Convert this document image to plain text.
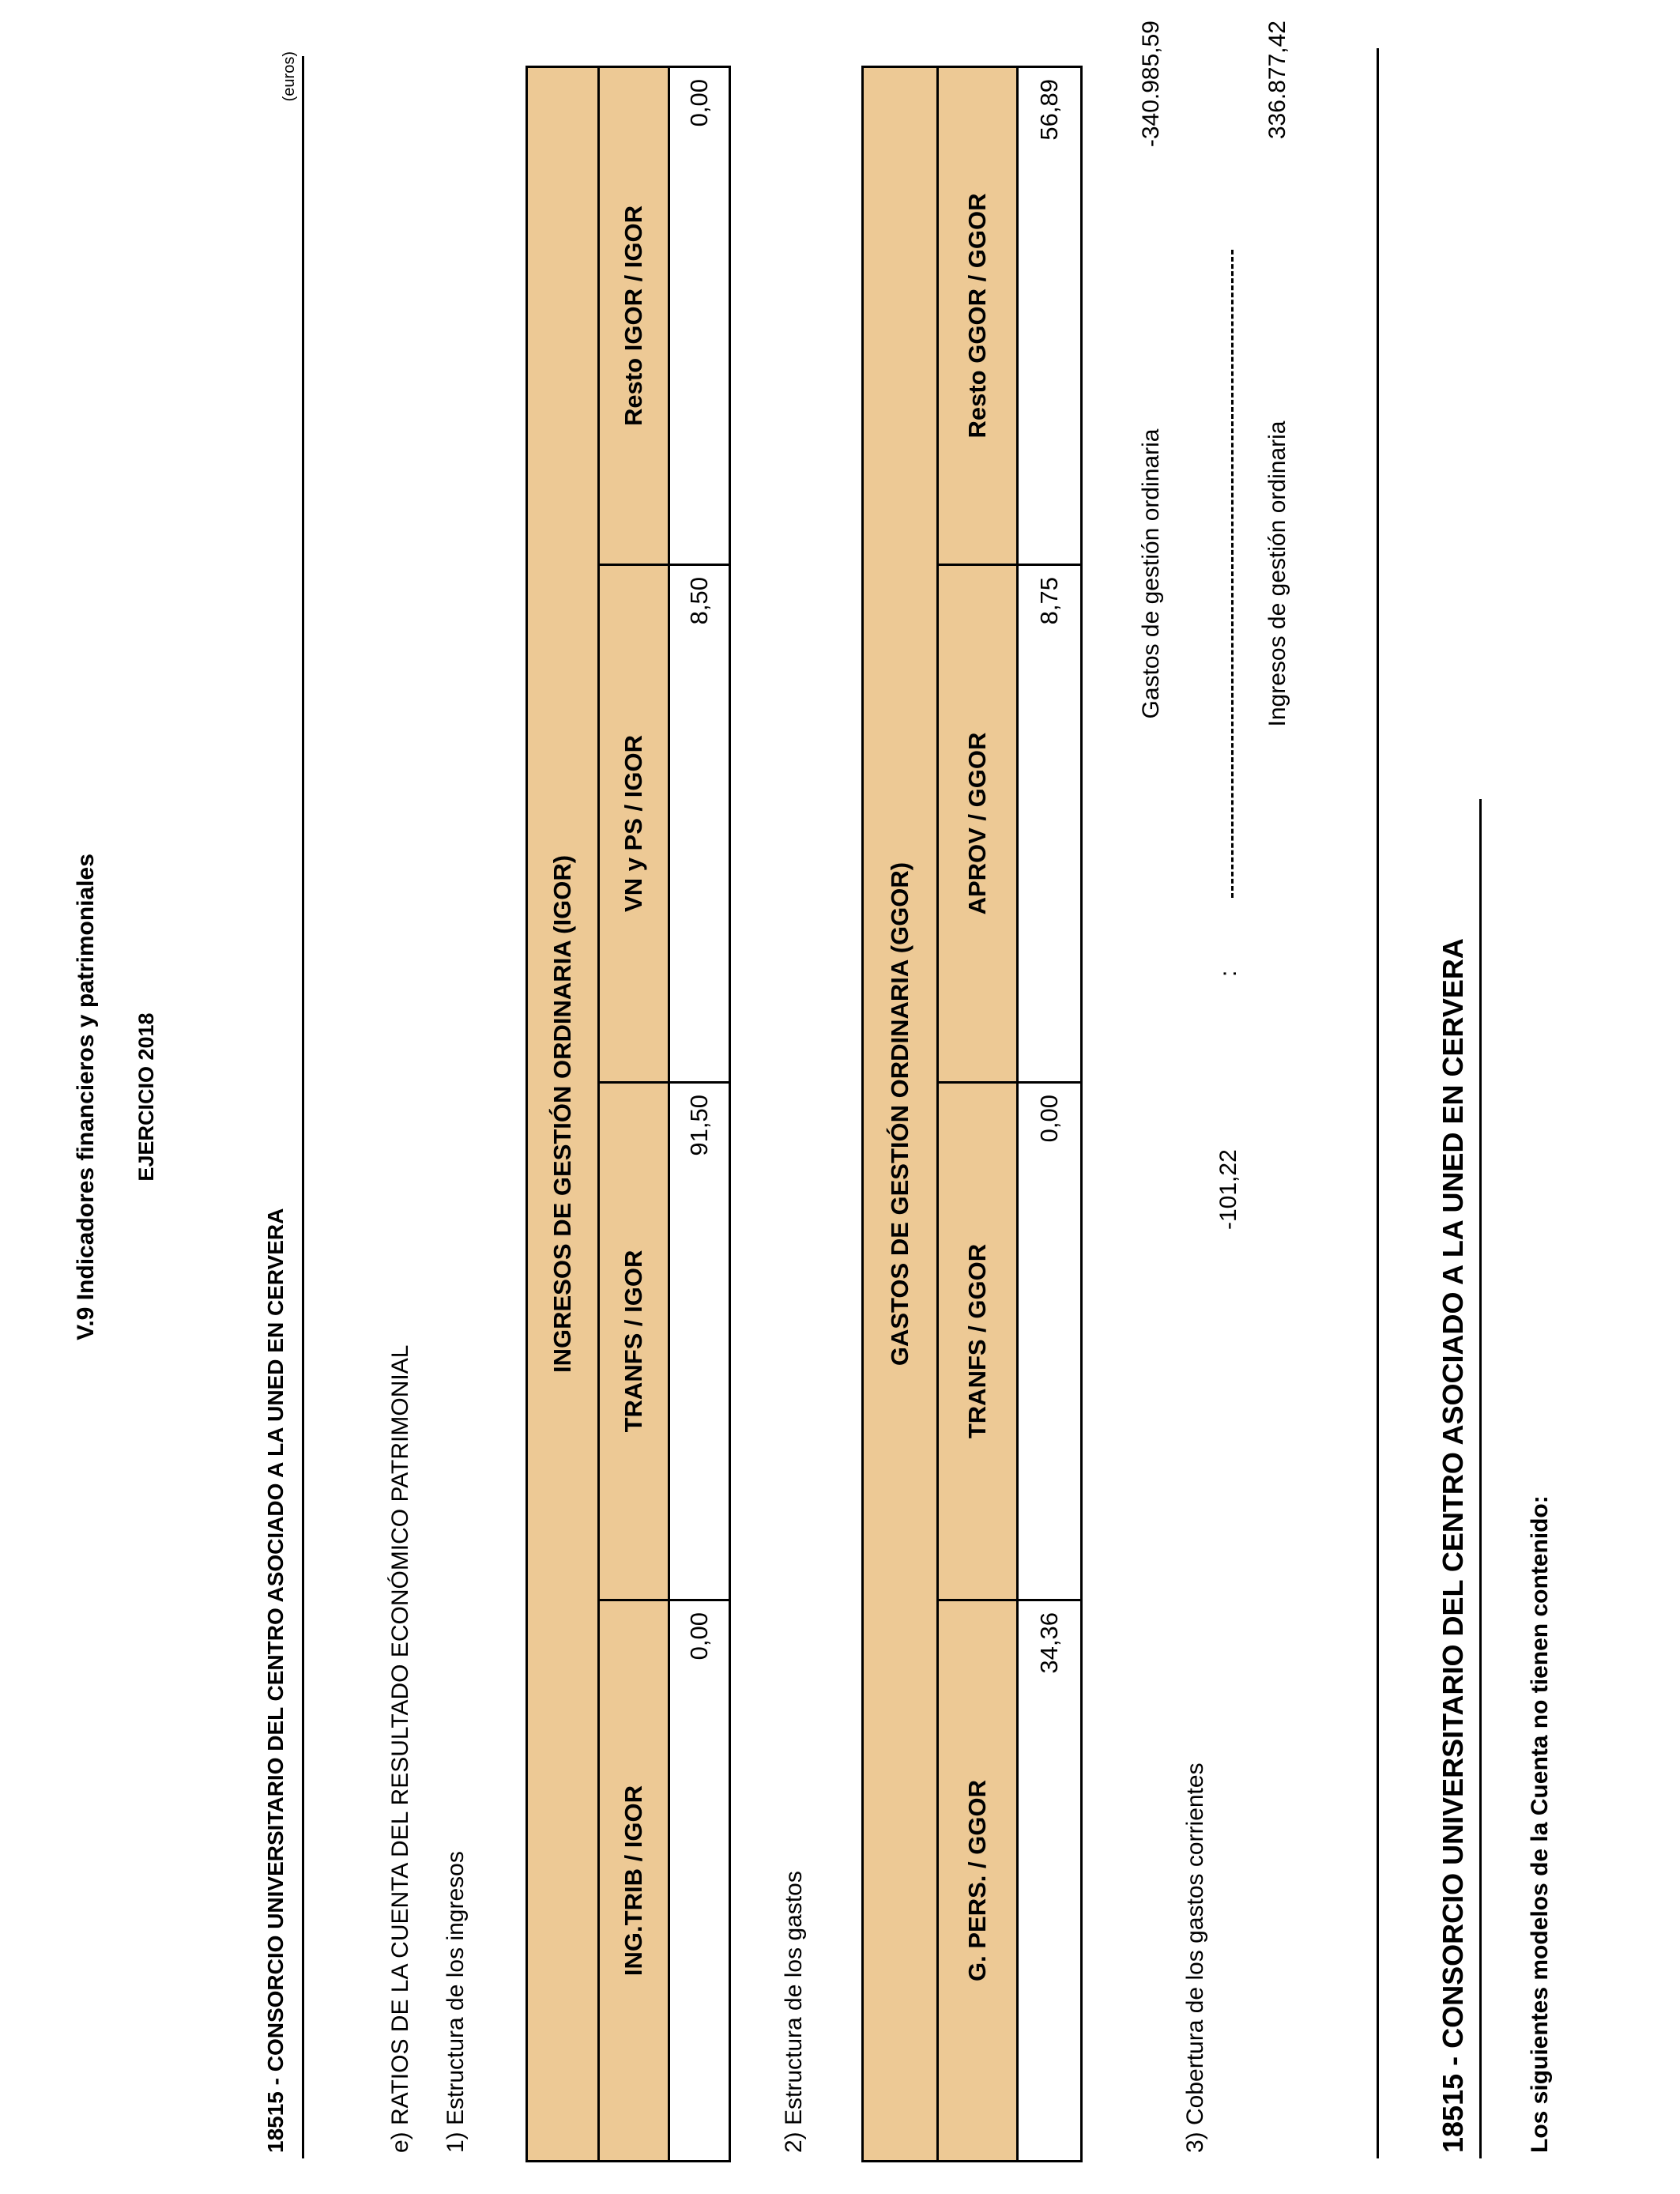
V.9 Indicadores financieros y patrimoniales EJERCICIO 2018
18515 - CONSORCIO UNIVERSITARIO DEL CENTRO ASOCIADO A LA UNED EN CERVERA
(euros)
e) RATIOS DE LA CUENTA DEL RESULTADO ECONÓMICO PATRIMONIAL 1) Estructura de los ingresos
INGRESOS DE GESTIÓN ORDINARIA (IGOR)			
ING.TRIB / IGOR	TRANFS / IGOR	VN y PS / IGOR	Resto IGOR / IGOR
0,00	91,50	8,50	0,00
2) Estructura de los gastos
GASTOS DE GESTIÓN ORDINARIA (GGOR)			
G. PERS. / GGOR	TRANFS / GGOR	APROV / GGOR	Resto GGOR / GGOR
34,36	0,00	8,75	56,89
3) Cobertura de los gastos corrientes
-101,22
:
Gastos de gestión ordinaria
-340.985,59
Ingresos de gestión ordinaria
336.877,42
18515 - CONSORCIO UNIVERSITARIO DEL CENTRO ASOCIADO A LA UNED EN CERVERA Los siguientes modelos de la Cuenta no tienen contenido:
